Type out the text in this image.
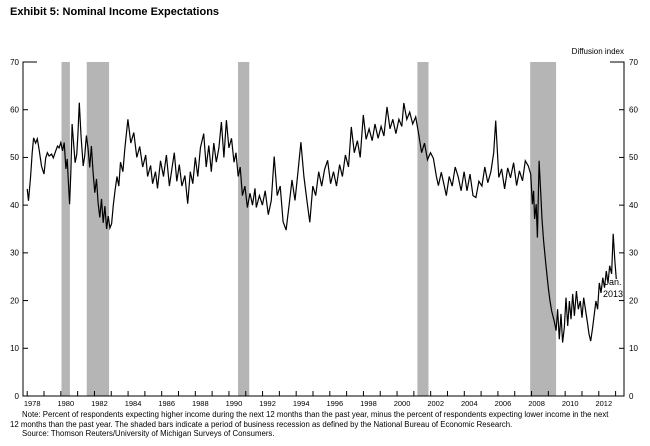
Exhibit 5: Nominal Income Expectations
Diffusion index
0	0
10	10
20	20
30	30
40	40
50	50
60	60
70	70
1978 1980 1982 1984 1986 1988 1990 1992 1994 1996 1998 2000 2002 2004 2006 2008 2010 2012
Jan.
2013
Note: Percent of respondents expecting higher income during the next 12 months than the past year, minus the percent of respondents expecting lower income in the next
12 months than the past year. The shaded bars indicate a period of business recession as defined by the National Bureau of Economic Research.
Source: Thomson Reuters/University of Michigan Surveys of Consumers.
